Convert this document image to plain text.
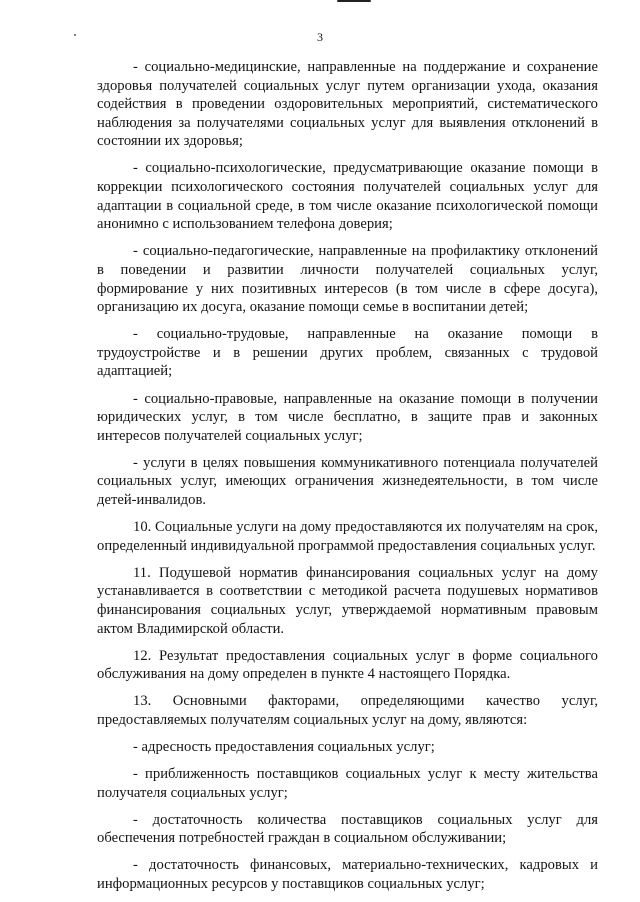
3

- социально-медицинские, направленные на поддержание и сохранение здоровья получателей социальных услуг путем организации ухода, оказания содействия в проведении оздоровительных мероприятий, систематического наблюдения за получателями социальных услуг для выявления отклонений в состоянии их здоровья;

- социально-психологические, предусматривающие оказание помощи в коррекции психологического состояния получателей социальных услуг для адаптации в социальной среде, в том числе оказание психологической помощи анонимно с использованием телефона доверия;

- социально-педагогические, направленные на профилактику отклонений в поведении и развитии личности получателей социальных услуг, формирование у них позитивных интересов (в том числе в сфере досуга), организацию их досуга, оказание помощи семье в воспитании детей;

- социально-трудовые, направленные на оказание помощи в трудоустройстве и в решении других проблем, связанных с трудовой адаптацией;

- социально-правовые, направленные на оказание помощи в получении юридических услуг, в том числе бесплатно, в защите прав и законных интересов получателей социальных услуг;

- услуги в целях повышения коммуникативного потенциала получателей социальных услуг, имеющих ограничения жизнедеятельности, в том числе детей-инвалидов.

10. Социальные услуги на дому предоставляются их получателям на срок, определенный индивидуальной программой предоставления социальных услуг.

11. Подушевой норматив финансирования социальных услуг на дому устанавливается в соответствии с методикой расчета подушевых нормативов финансирования социальных услуг, утверждаемой нормативным правовым актом Владимирской области.

12. Результат предоставления социальных услуг в форме социального обслуживания на дому определен в пункте 4 настоящего Порядка.

13. Основными факторами, определяющими качество услуг, предоставляемых получателям социальных услуг на дому, являются:

- адресность предоставления социальных услуг;

- приближенность поставщиков социальных услуг к месту жительства получателя социальных услуг;

- достаточность количества поставщиков социальных услуг для обеспечения потребностей граждан в социальном обслуживании;

- достаточность финансовых, материально-технических, кадровых и информационных ресурсов у поставщиков социальных услуг;
